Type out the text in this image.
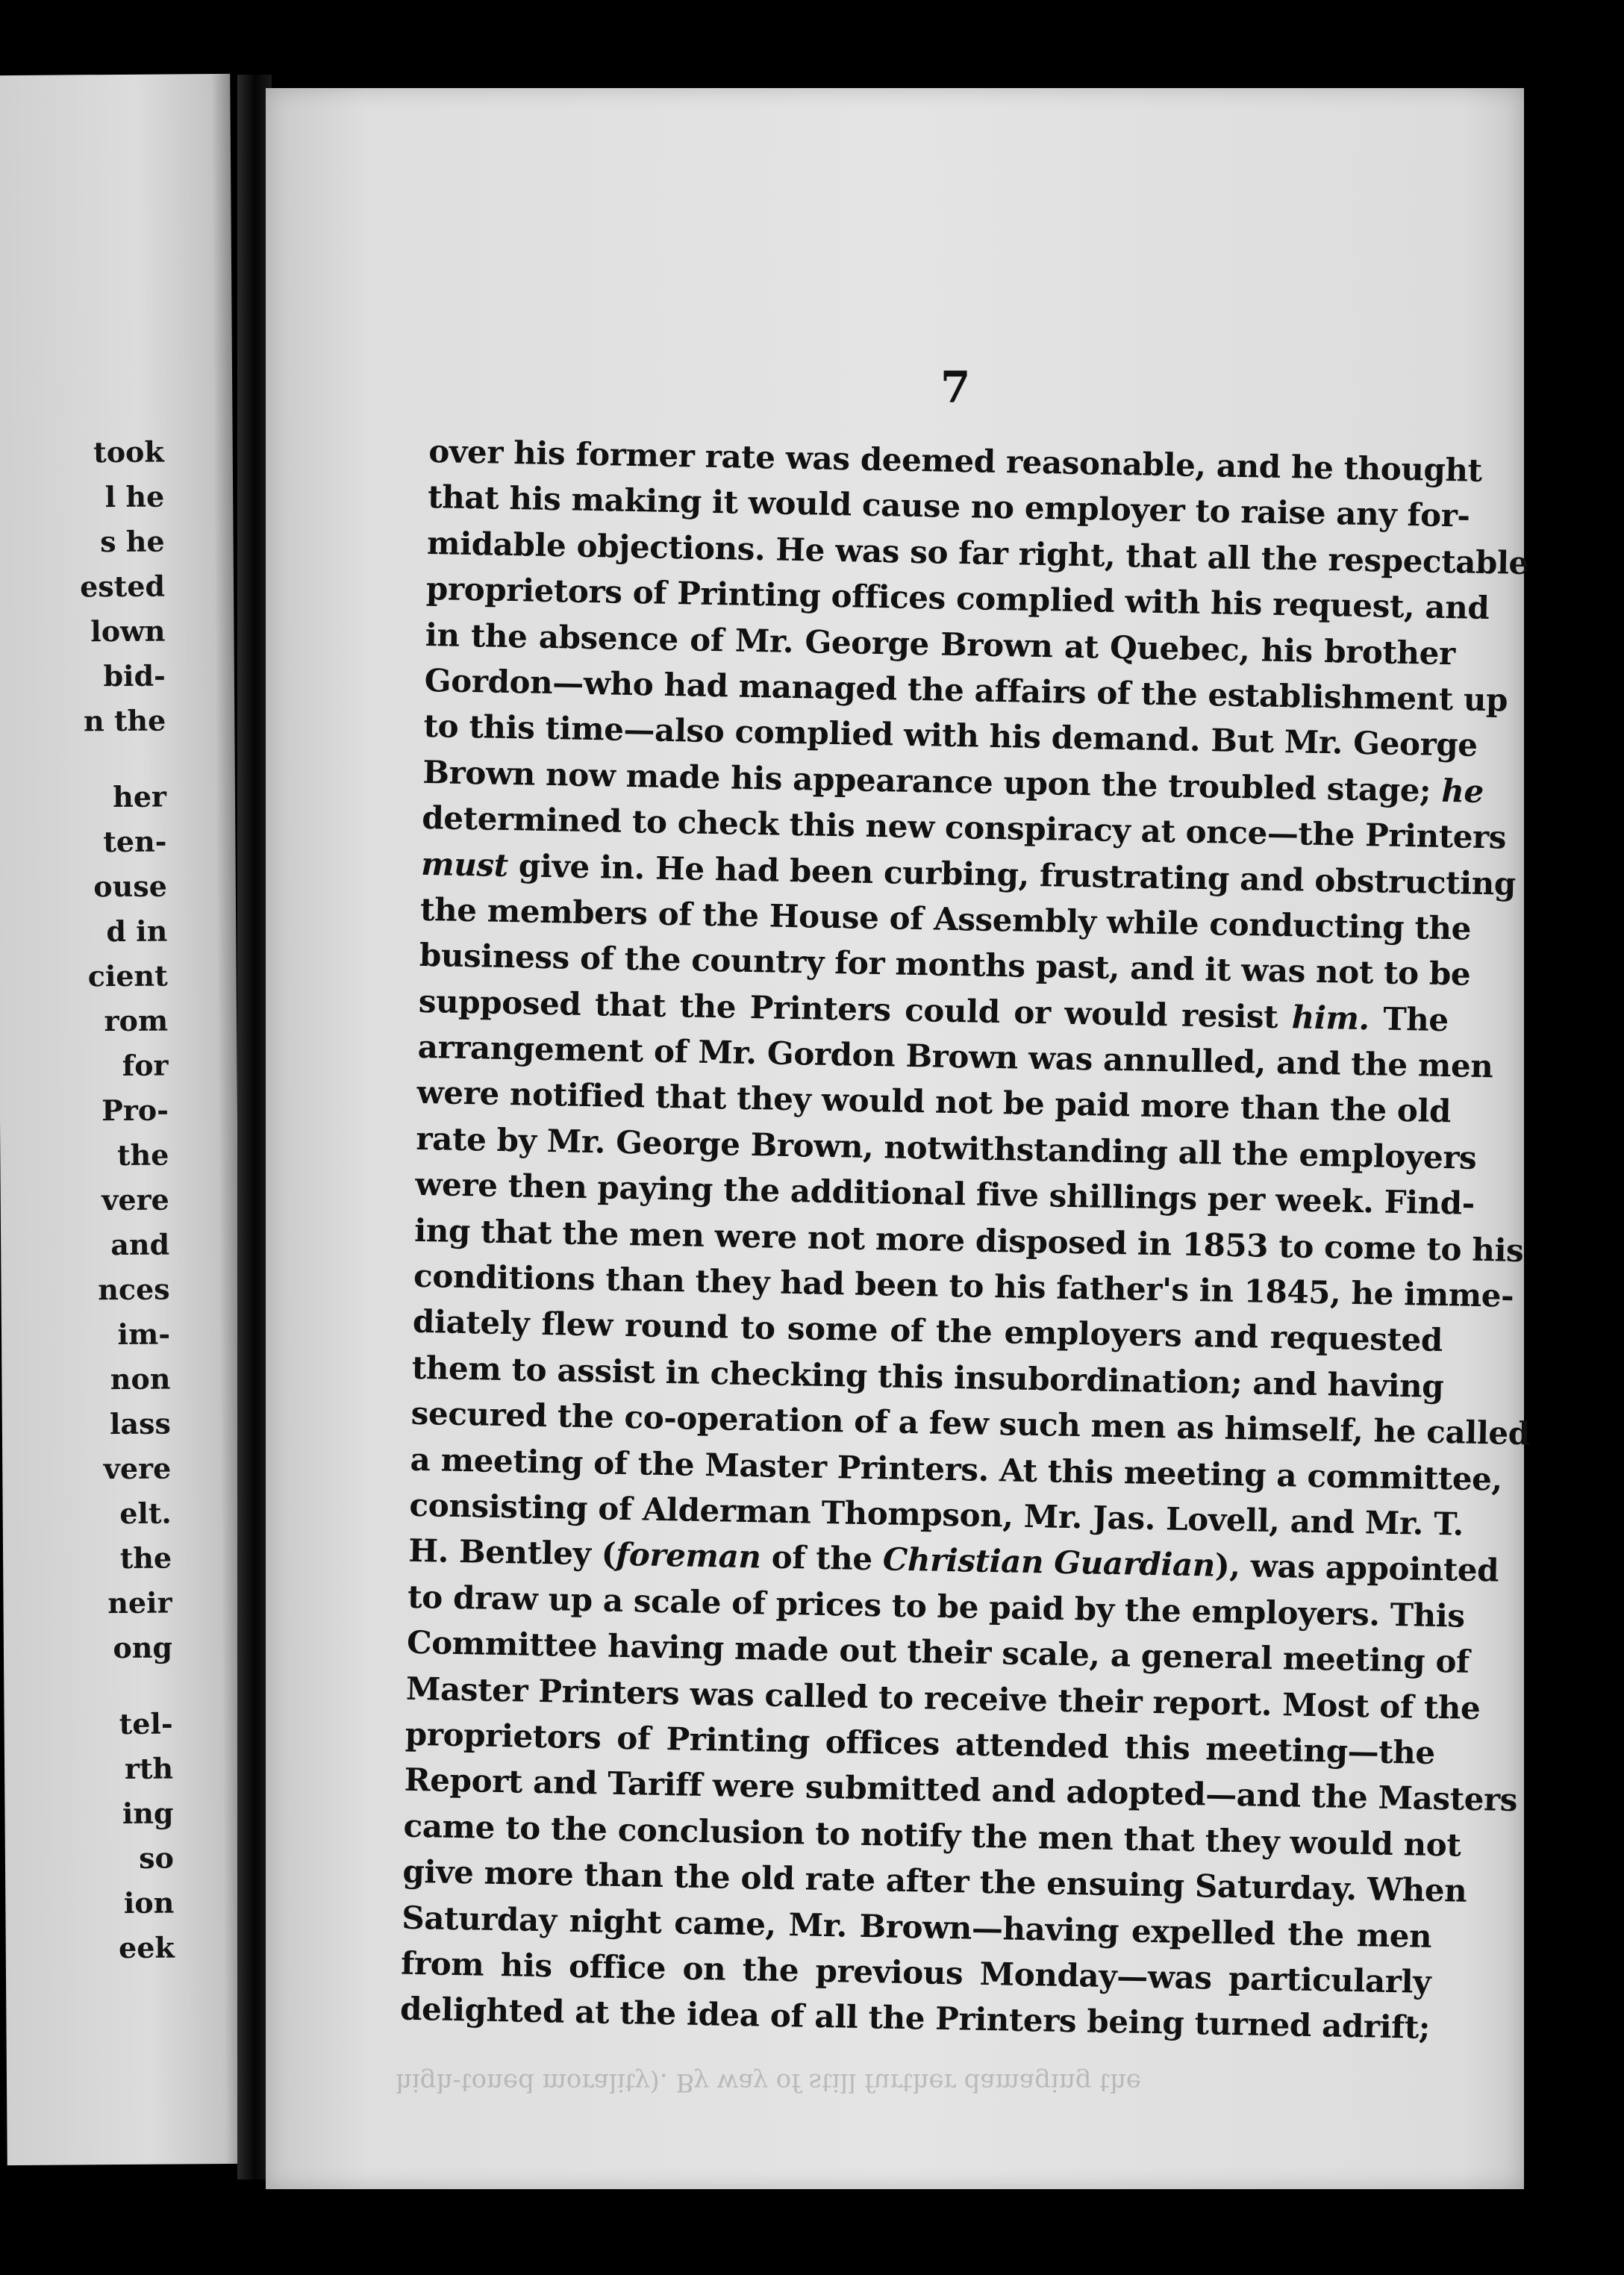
took
l he
s he
ested
lown
bid-
n the
her
ten-
ouse
d in
cient
rom
for
Pro-
the
vere
and
nces
im-
non
lass
vere
elt.
the
neir
ong
tel-
rth
ing
so
ion
eek
7
over his former rate was deemed reasonable, and he thought
that his making it would cause no employer to raise any for-
midable objections. He was so far right, that all the respectable
proprietors of Printing offices complied with his request, and
in the absence of Mr. George Brown at Quebec, his brother
Gordon—who had managed the affairs of the establishment up
to this time—also complied with his demand. But Mr. George
Brown now made his appearance upon the troubled stage; he
determined to check this new conspiracy at once—the Printers
must give in. He had been curbing, frustrating and obstructing
the members of the House of Assembly while conducting the
business of the country for months past, and it was not to be
supposed that the Printers could or would resist him. The
arrangement of Mr. Gordon Brown was annulled, and the men
were notified that they would not be paid more than the old
rate by Mr. George Brown, notwithstanding all the employers
were then paying the additional five shillings per week. Find-
ing that the men were not more disposed in 1853 to come to his
conditions than they had been to his father's in 1845, he imme-
diately flew round to some of the employers and requested
them to assist in checking this insubordination; and having
secured the co-operation of a few such men as himself, he called
a meeting of the Master Printers. At this meeting a committee,
consisting of Alderman Thompson, Mr. Jas. Lovell, and Mr. T.
H. Bentley (foreman of the Christian Guardian), was appointed
to draw up a scale of prices to be paid by the employers. This
Committee having made out their scale, a general meeting of
Master Printers was called to receive their report. Most of the
proprietors of Printing offices attended this meeting—the
Report and Tariff were submitted and adopted—and the Masters
came to the conclusion to notify the men that they would not
give more than the old rate after the ensuing Saturday. When
Saturday night came, Mr. Brown—having expelled the men
from his office on the previous Monday—was particularly
delighted at the idea of all the Printers being turned adrift;
high-toned morality). By way of still further damaging the
